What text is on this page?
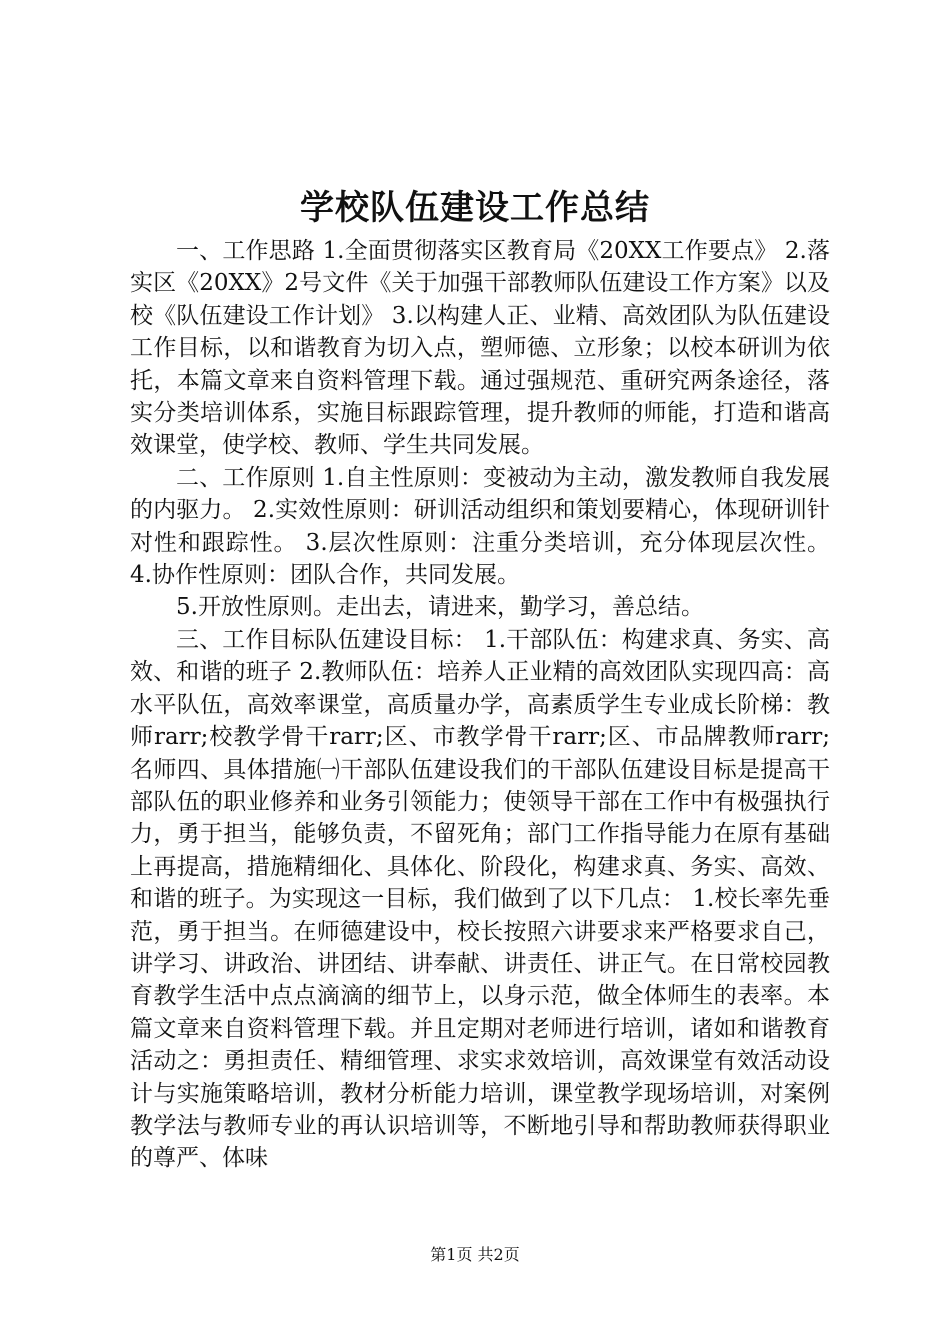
学校队伍建设工作总结

一、工作思路 1.全面贯彻落实区教育局《20XX工作要点》 2.落实区《20XX》2号文件《关于加强干部教师队伍建设工作方案》以及校《队伍建设工作计划》 3.以构建人正、业精、高效团队为队伍建设工作目标，以和谐教育为切入点，塑师德、立形象；以校本研训为依托，本篇文章来自资料管理下载。通过强规范、重研究两条途径，落实分类培训体系，实施目标跟踪管理，提升教师的师能，打造和谐高效课堂，使学校、教师、学生共同发展。

二、工作原则 1.自主性原则：变被动为主动，激发教师自我发展的内驱力。 2.实效性原则：研训活动组织和策划要精心，体现研训针对性和跟踪性。 3.层次性原则：注重分类培训，充分体现层次性。 4.协作性原则：团队合作，共同发展。

5.开放性原则。走出去，请进来，勤学习，善总结。

三、工作目标队伍建设目标： 1.干部队伍：构建求真、务实、高效、和谐的班子 2.教师队伍：培养人正业精的高效团队实现四高：高水平队伍，高效率课堂，高质量办学，高素质学生专业成长阶梯：教师rarr;校教学骨干rarr;区、市教学骨干rarr;区、市品牌教师rarr;名师四、具体措施㈠干部队伍建设我们的干部队伍建设目标是提高干部队伍的职业修养和业务引领能力；使领导干部在工作中有极强执行力，勇于担当，能够负责，不留死角；部门工作指导能力在原有基础上再提高，措施精细化、具体化、阶段化，构建求真、务实、高效、和谐的班子。为实现这一目标，我们做到了以下几点： 1.校长率先垂范，勇于担当。在师德建设中，校长按照六讲要求来严格要求自己，讲学习、讲政治、讲团结、讲奉献、讲责任、讲正气。在日常校园教育教学生活中点点滴滴的细节上，以身示范，做全体师生的表率。本篇文章来自资料管理下载。并且定期对老师进行培训，诸如和谐教育活动之：勇担责任、精细管理、求实求效培训，高效课堂有效活动设计与实施策略培训，教材分析能力培训，课堂教学现场培训，对案例教学法与教师专业的再认识培训等，不断地引导和帮助教师获得职业的尊严、体味

第1页 共2页
